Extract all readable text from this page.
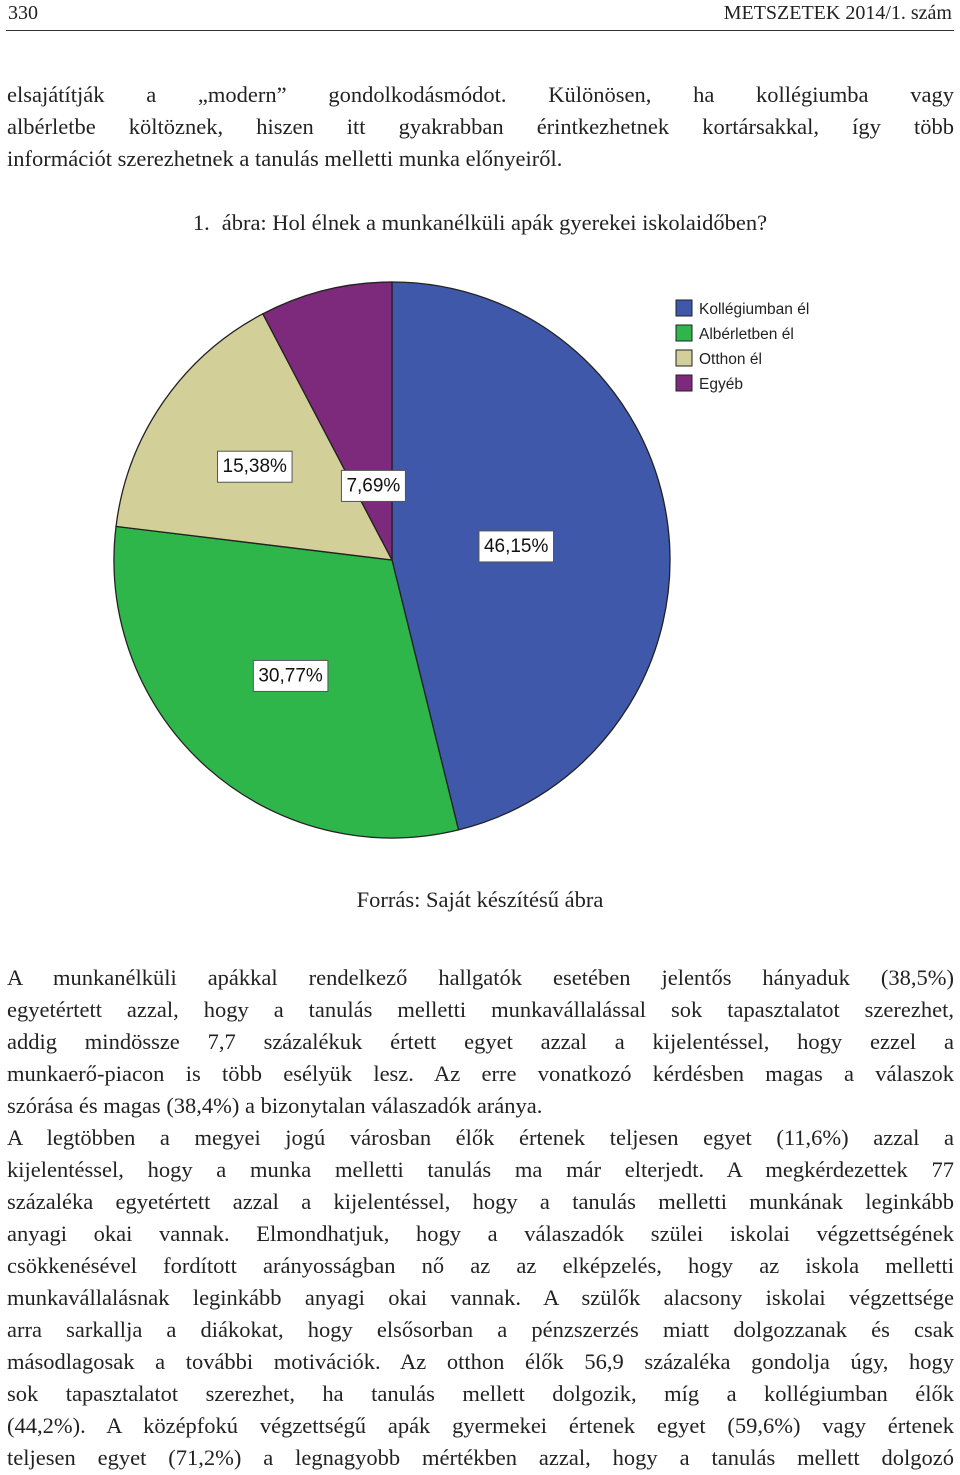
330	METSZETEK 2014/1. szám
elsajátítják a „modern” gondolkodásmódot. Különösen, ha kollégiumba vagy
albérletbe költöznek, hiszen itt gyakrabban érintkezhetnek kortársakkal, így több
információt szerezhetnek a tanulás melletti munka előnyeiről.
1. ábra: Hol élnek a munkanélküli apák gyerekei iskolaidőben?
46,15%
30,77%
15,38%
7,69%
Kollégiumban él
Albérletben él
Otthon él
Egyéb
Forrás: Saját készítésű ábra
A munkanélküli apákkal rendelkező hallgatók esetében jelentős hányaduk (38,5%)
egyetértett azzal, hogy a tanulás melletti munkavállalással sok tapasztalatot szerezhet,
addig mindössze 7,7 százalékuk értett egyet azzal a kijelentéssel, hogy ezzel a
munkaerő-piacon is több esélyük lesz. Az erre vonatkozó kérdésben magas a válaszok
szórása és magas (38,4%) a bizonytalan válaszadók aránya.
A legtöbben a megyei jogú városban élők értenek teljesen egyet (11,6%) azzal a
kijelentéssel, hogy a munka melletti tanulás ma már elterjedt. A megkérdezettek 77
százaléka egyetértett azzal a kijelentéssel, hogy a tanulás melletti munkának leginkább
anyagi okai vannak. Elmondhatjuk, hogy a válaszadók szülei iskolai végzettségének
csökkenésével fordított arányosságban nő az az elképzelés, hogy az iskola melletti
munkavállalásnak leginkább anyagi okai vannak. A szülők alacsony iskolai végzettsége
arra sarkallja a diákokat, hogy elsősorban a pénzszerzés miatt dolgozzanak és csak
másodlagosak a további motivációk. Az otthon élők 56,9 százaléka gondolja úgy, hogy
sok tapasztalatot szerezhet, ha tanulás mellett dolgozik, míg a kollégiumban élők
(44,2%). A középfokú végzettségű apák gyermekei értenek egyet (59,6%) vagy értenek
teljesen egyet (71,2%) a legnagyobb mértékben azzal, hogy a tanulás mellett dolgozó
